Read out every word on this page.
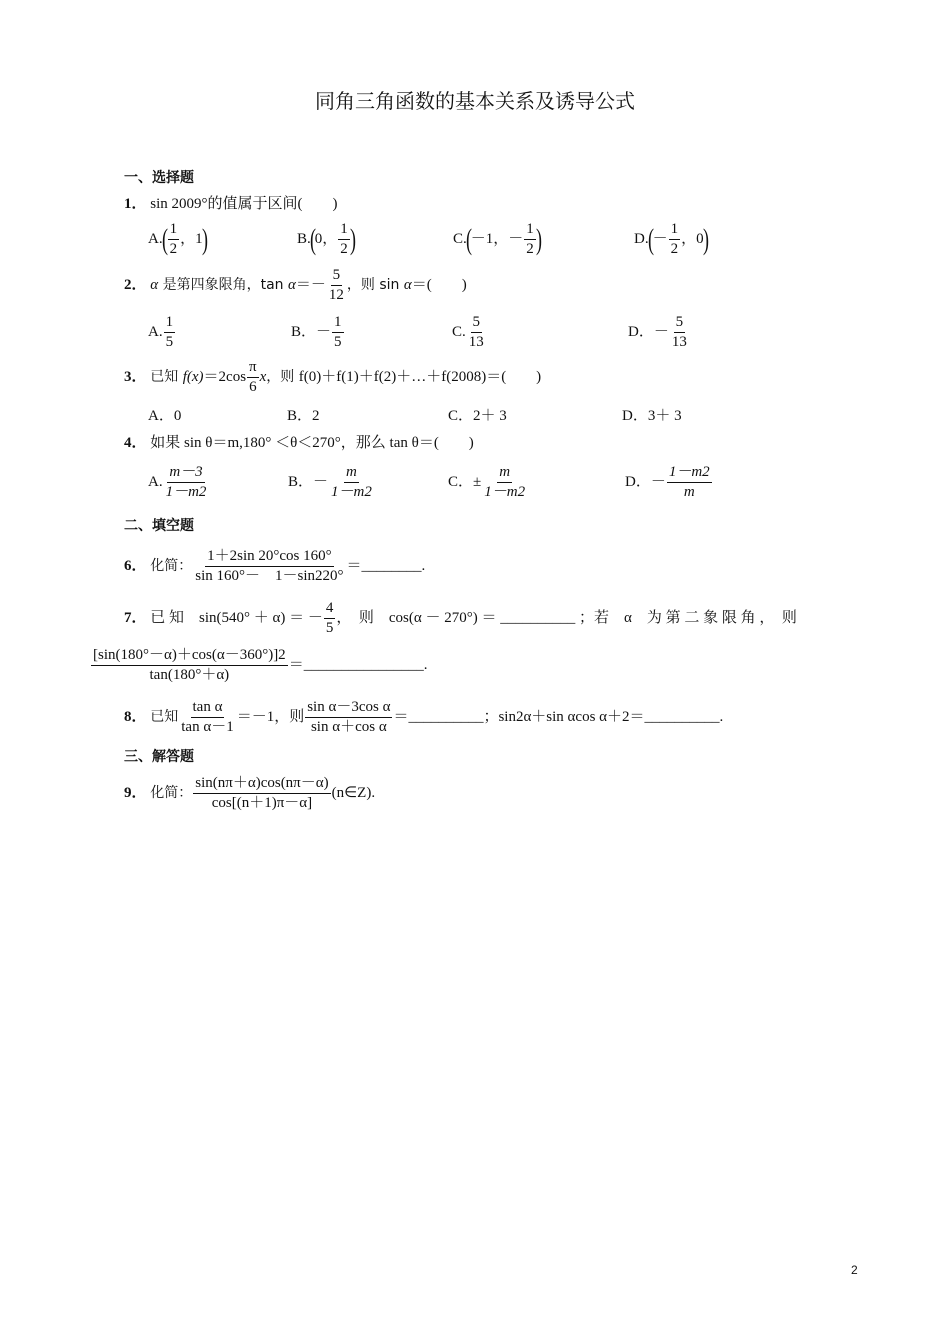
同角三角函数的基本关系及诱导公式
一、选择题
1． sin 2009°的值属于区间(　　)
$A.( \frac{1}{2}$ ，1)	B.(0， $\frac{1}{2}$ )	C.(－1，－ $\frac{1}{2}$ )	$D.(- \frac{1}{2}$ ，0)
2． α 是第四象限角，$\tan \alpha=- \frac{5}{12}$ ，则 sin α＝(　　)
A. $\frac{1}{5}$	B．－ $\frac{1}{5}$	C. $\frac{5}{13}$	D．－ $\frac{5}{13}$
3． 已知 $f(x)=2\cos \frac{\pi}{6}$ x，则 f(0)＋f(1)＋f(2)＋…＋f(2008)＝(　　)
A．0	B．2	C．2＋ 3	D．3＋ 3
4． 如果 sin θ＝m,180° ＜θ＜270°，那么 tan θ＝(　　)
A. $\frac{m-3}{1-m2}$	B．－ $\frac{m}{1-m2}$	C．± $\frac{m}{1-m2}$	D．－ $\frac{1-m2}{m}$
二、填空题
6． 化简： $\frac{1+2\sin 20^\circ\cos 160^\circ}{\sin 160^\circ- 1-\sin 220^\circ}$ ＝________.
7． 已 知　sin(540° ＋ α) ＝ － $\frac{4}{5}$ ，　则　cos(α － 270°) ＝ __________ ；若　α　为 第 二 象 限 角 ，　则
$\frac{[\sin(180^\circ-\alpha)+\cos(\alpha-360^\circ)]2}{\tan(180^\circ+\alpha)}$ ＝________________.
8． 已知 $\frac{\text{tan α}}{\text{tan α－1}} =-1$，则 $\frac{\text{sin α－3cos α}}{\text{sin α＋cos α}}$ ＝__________；sin2α＋sin αcos α＋2＝__________.
三、解答题
9． 化简： $\frac{\sin(n\pi+\alpha)\cos(n\pi-\alpha)}{\cos[(n+1)\pi-\alpha]}$ (n∈Z).
2
